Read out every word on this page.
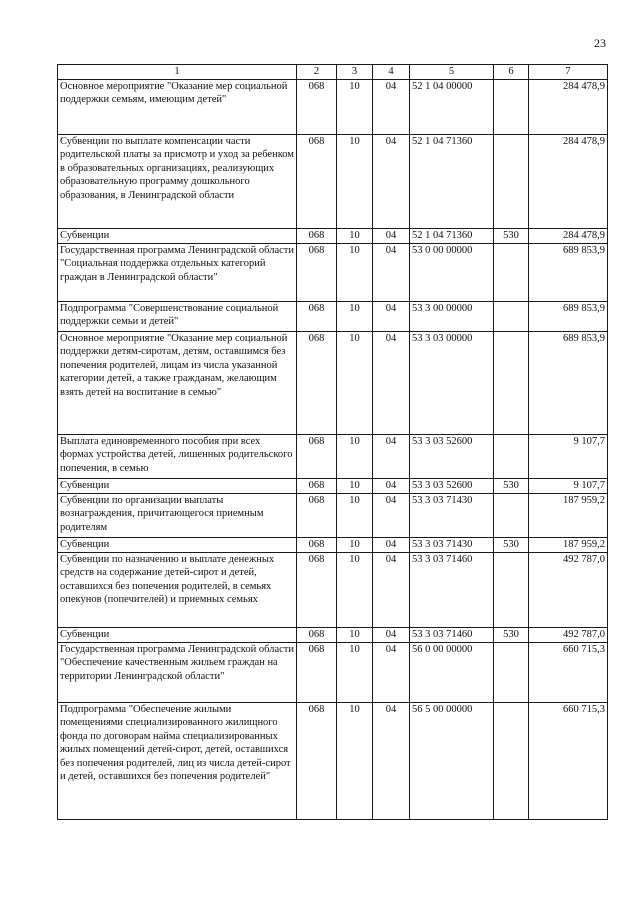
23
1	2	3	4	5	6	7
Основное мероприятие "Оказание мер социальной поддержки семьям, имеющим детей"	068	10	04	52 1 04 00000		284 478,9
Субвенции по выплате компенсации части родительской платы за присмотр и уход за ребенком в образовательных организациях, реализующих образовательную программу дошкольного образования, в Ленинградской области	068	10	04	52 1 04 71360		284 478,9
Субвенции	068	10	04	52 1 04 71360	530	284 478,9
Государственная программа Ленинградской области "Социальная поддержка отдельных категорий граждан в Ленинградской области"	068	10	04	53 0 00 00000		689 853,9
Подпрограмма "Совершенствование социальной поддержки семьи и детей"	068	10	04	53 3 00 00000		689 853,9
Основное мероприятие "Оказание мер социальной поддержки детям-сиротам, детям, оставшимся без попечения родителей, лицам из числа указанной категории детей, а также гражданам, желающим взять детей на воспитание в семью"	068	10	04	53 3 03 00000		689 853,9
Выплата единовременного пособия при всех формах устройства детей, лишенных родительского попечения, в семью	068	10	04	53 3 03 52600		9 107,7
Субвенции	068	10	04	53 3 03 52600	530	9 107,7
Субвенции по организации выплаты вознаграждения, причитающегося приемным родителям	068	10	04	53 3 03 71430		187 959,2
Субвенции	068	10	04	53 3 03 71430	530	187 959,2
Субвенции по назначению и выплате денежных средств на содержание детей-сирот и детей, оставшихся без попечения родителей, в семьях опекунов (попечителей) и приемных семьях	068	10	04	53 3 03 71460		492 787,0
Субвенции	068	10	04	53 3 03 71460	530	492 787,0
Государственная программа Ленинградской области "Обеспечение качественным жильем граждан на территории Ленинградской области"	068	10	04	56 0 00 00000		660 715,3
Подпрограмма "Обеспечение жилыми помещениями специализированного жилищного фонда по договорам найма специализированных жилых помещений детей-сирот, детей, оставшихся без попечения родителей, лиц из числа детей-сирот и детей, оставшихся без попечения родителей"	068	10	04	56 5 00 00000		660 715,3
